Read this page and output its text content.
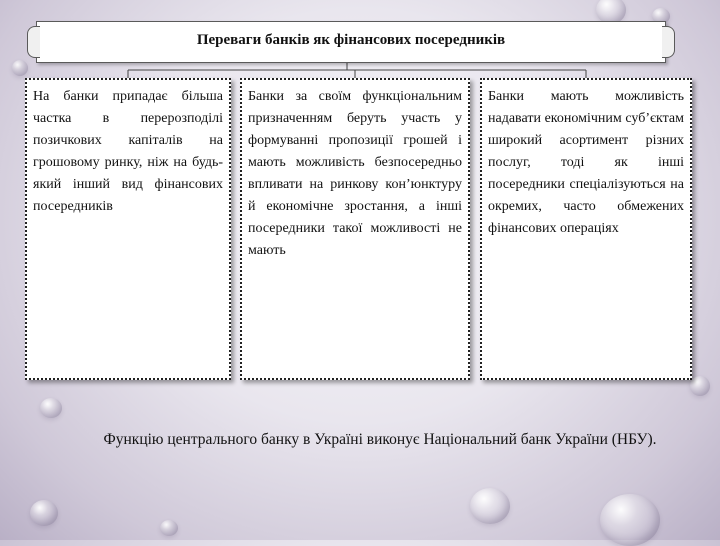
Переваги банків як фінансових посередників

На банки припадає більша частка в перерозподілі позичкових капіталів на грошовому ринку, ніж на будь-який інший вид фінансових посередників

Банки за своїм функціональним призначенням беруть участь у формуванні пропозиції грошей і мають можливість безпосередньо впливати на ринкову кон’юнктуру й економічне зростання, а інші посередники такої можливості не мають

Банки мають можливість надавати економічним суб’єктам широкий асортимент різних послуг, тоді як інші посередники спеціалізуються на окремих, часто обмежених фінансових операціях

Функцію центрального банку в Україні виконує Національний банк України (НБУ).
